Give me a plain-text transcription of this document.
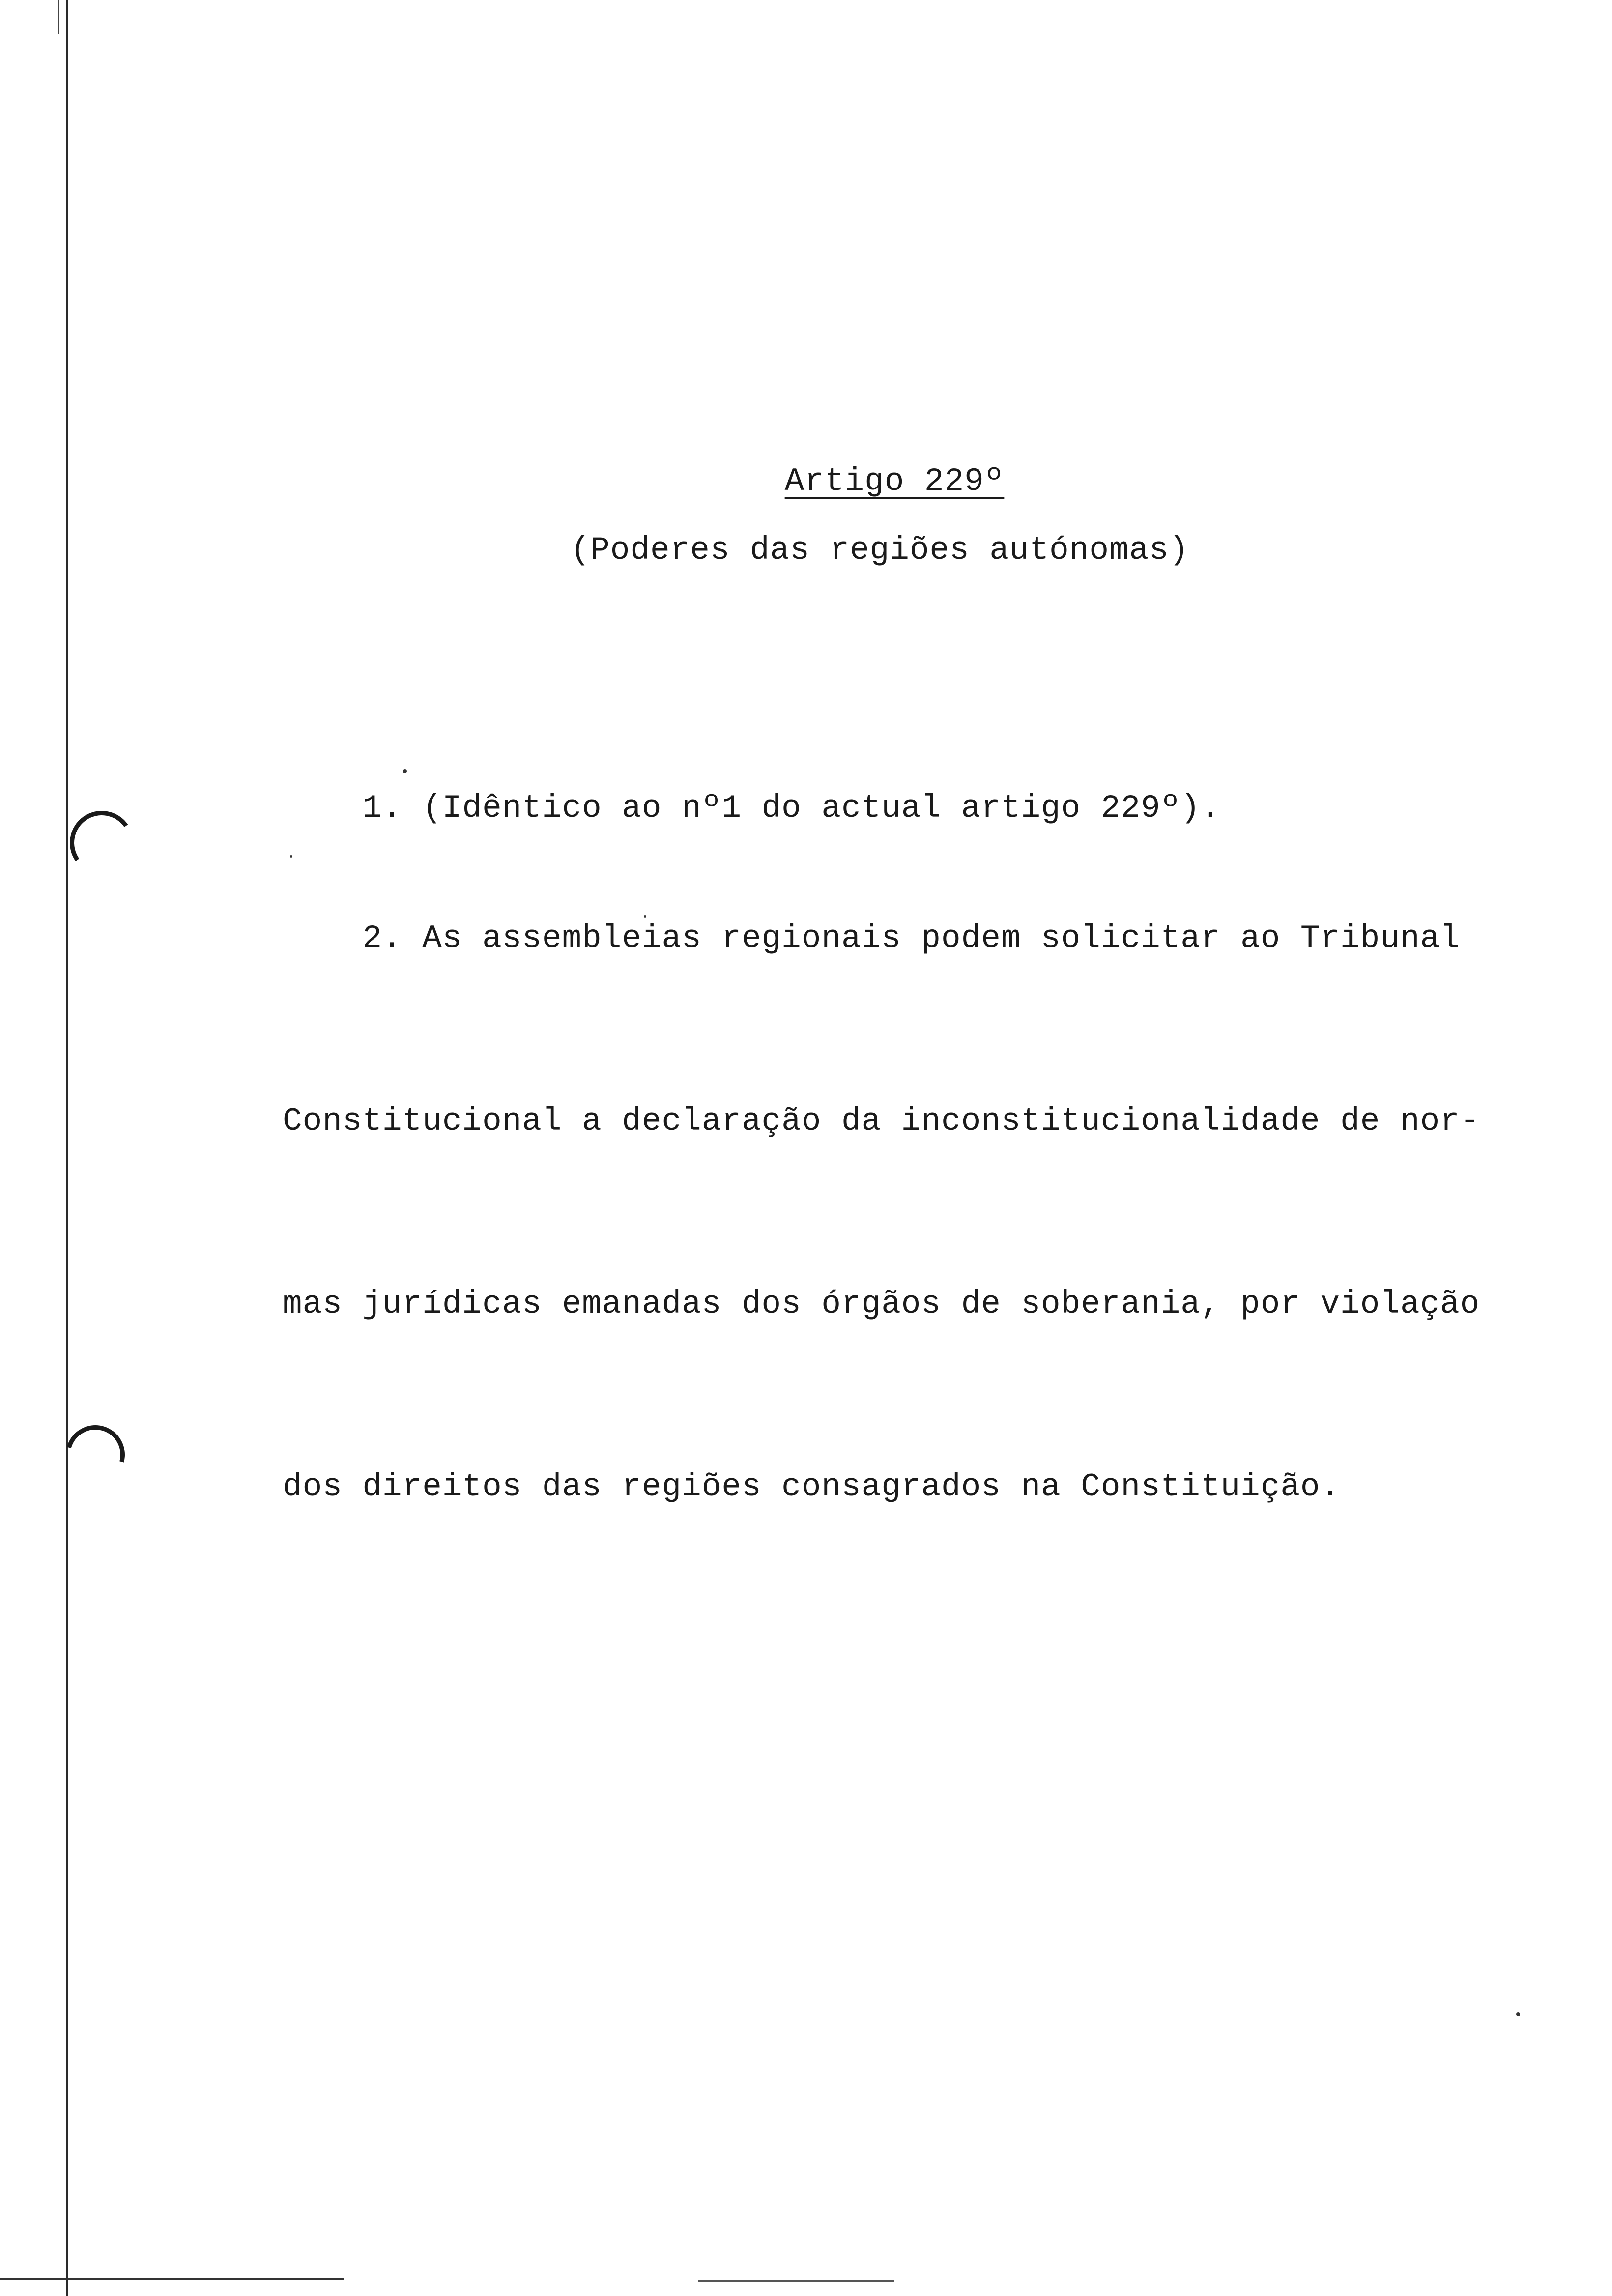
Artigo 229º
(Poderes das regiões autónomas)

1. (Idêntico ao nº1 do actual artigo 229º).

2. As assembleias regionais podem solicitar ao Tribunal

Constitucional a declaração da inconstitucionalidade de nor-

mas jurídicas emanadas dos órgãos de soberania, por violação

dos direitos das regiões consagrados na Constituição.
